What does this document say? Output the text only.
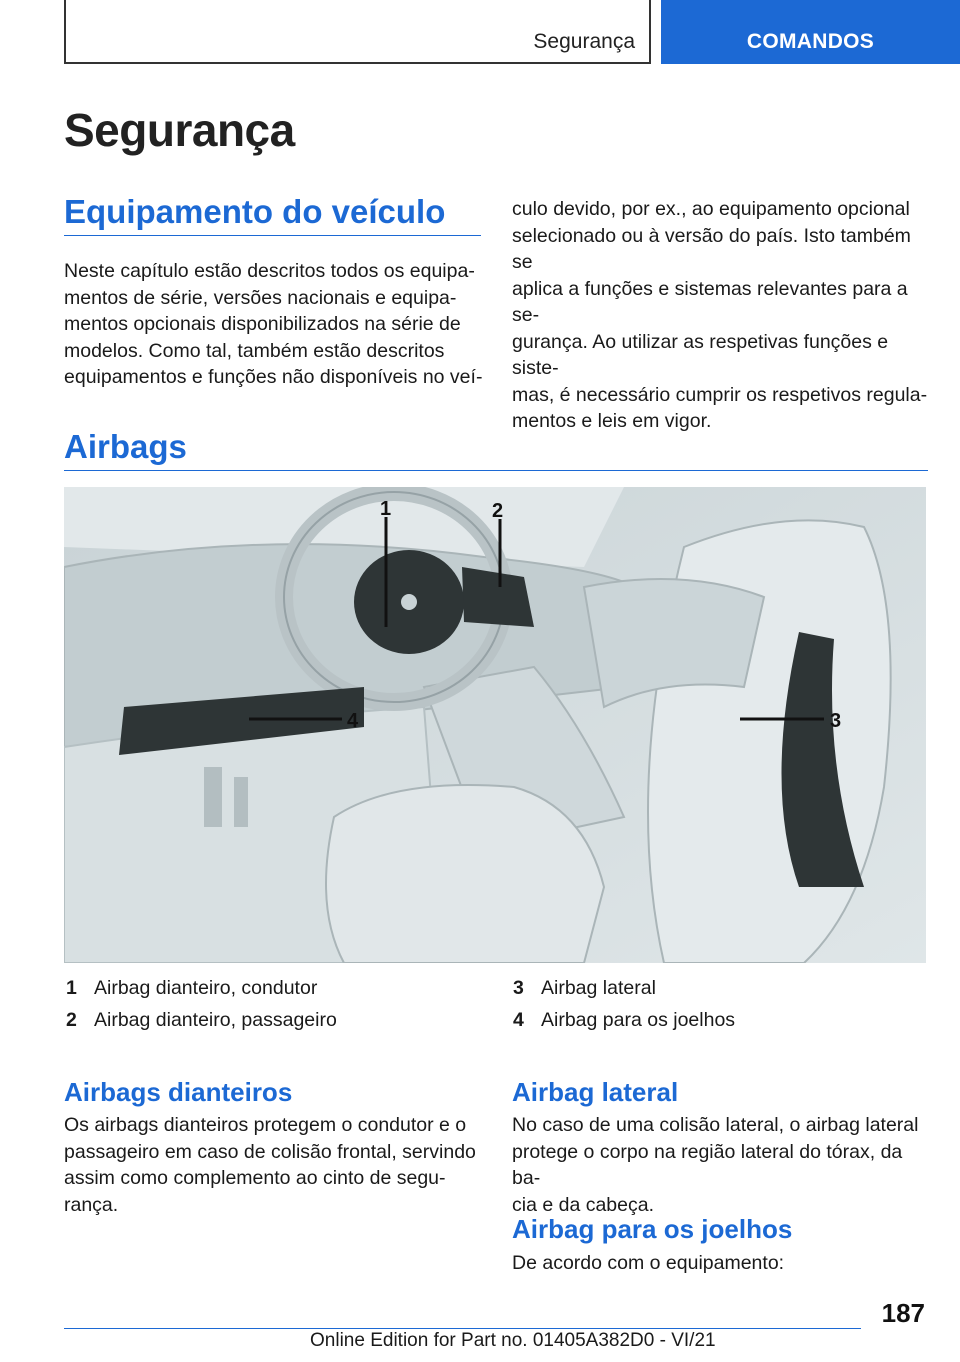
Segurança	COMANDOS
Segurança
Equipamento do veículo
Neste capítulo estão descritos todos os equipa-
mentos de série, versões nacionais e equipa-
mentos opcionais disponibilizados na série de
modelos. Como tal, também estão descritos
equipamentos e funções não disponíveis no veí-
culo devido, por ex., ao equipamento opcional
selecionado ou à versão do país. Isto também se
aplica a funções e sistemas relevantes para a se-
gurança. Ao utilizar as respetivas funções e siste-
mas, é necessário cumprir os respetivos regula-
mentos e leis em vigor.
Airbags
1	2
3
4
1 Airbag dianteiro, condutor
2 Airbag dianteiro, passageiro
3 Airbag lateral
4 Airbag para os joelhos
Airbags dianteiros
Os airbags dianteiros protegem o condutor e o
passageiro em caso de colisão frontal, servindo
assim como complemento ao cinto de segu-
rança.
Airbag lateral
No caso de uma colisão lateral, o airbag lateral
protege o corpo na região lateral do tórax, da ba-
cia e da cabeça.
Airbag para os joelhos
De acordo com o equipamento:
187
Online Edition for Part no. 01405A382D0 - VI/21
